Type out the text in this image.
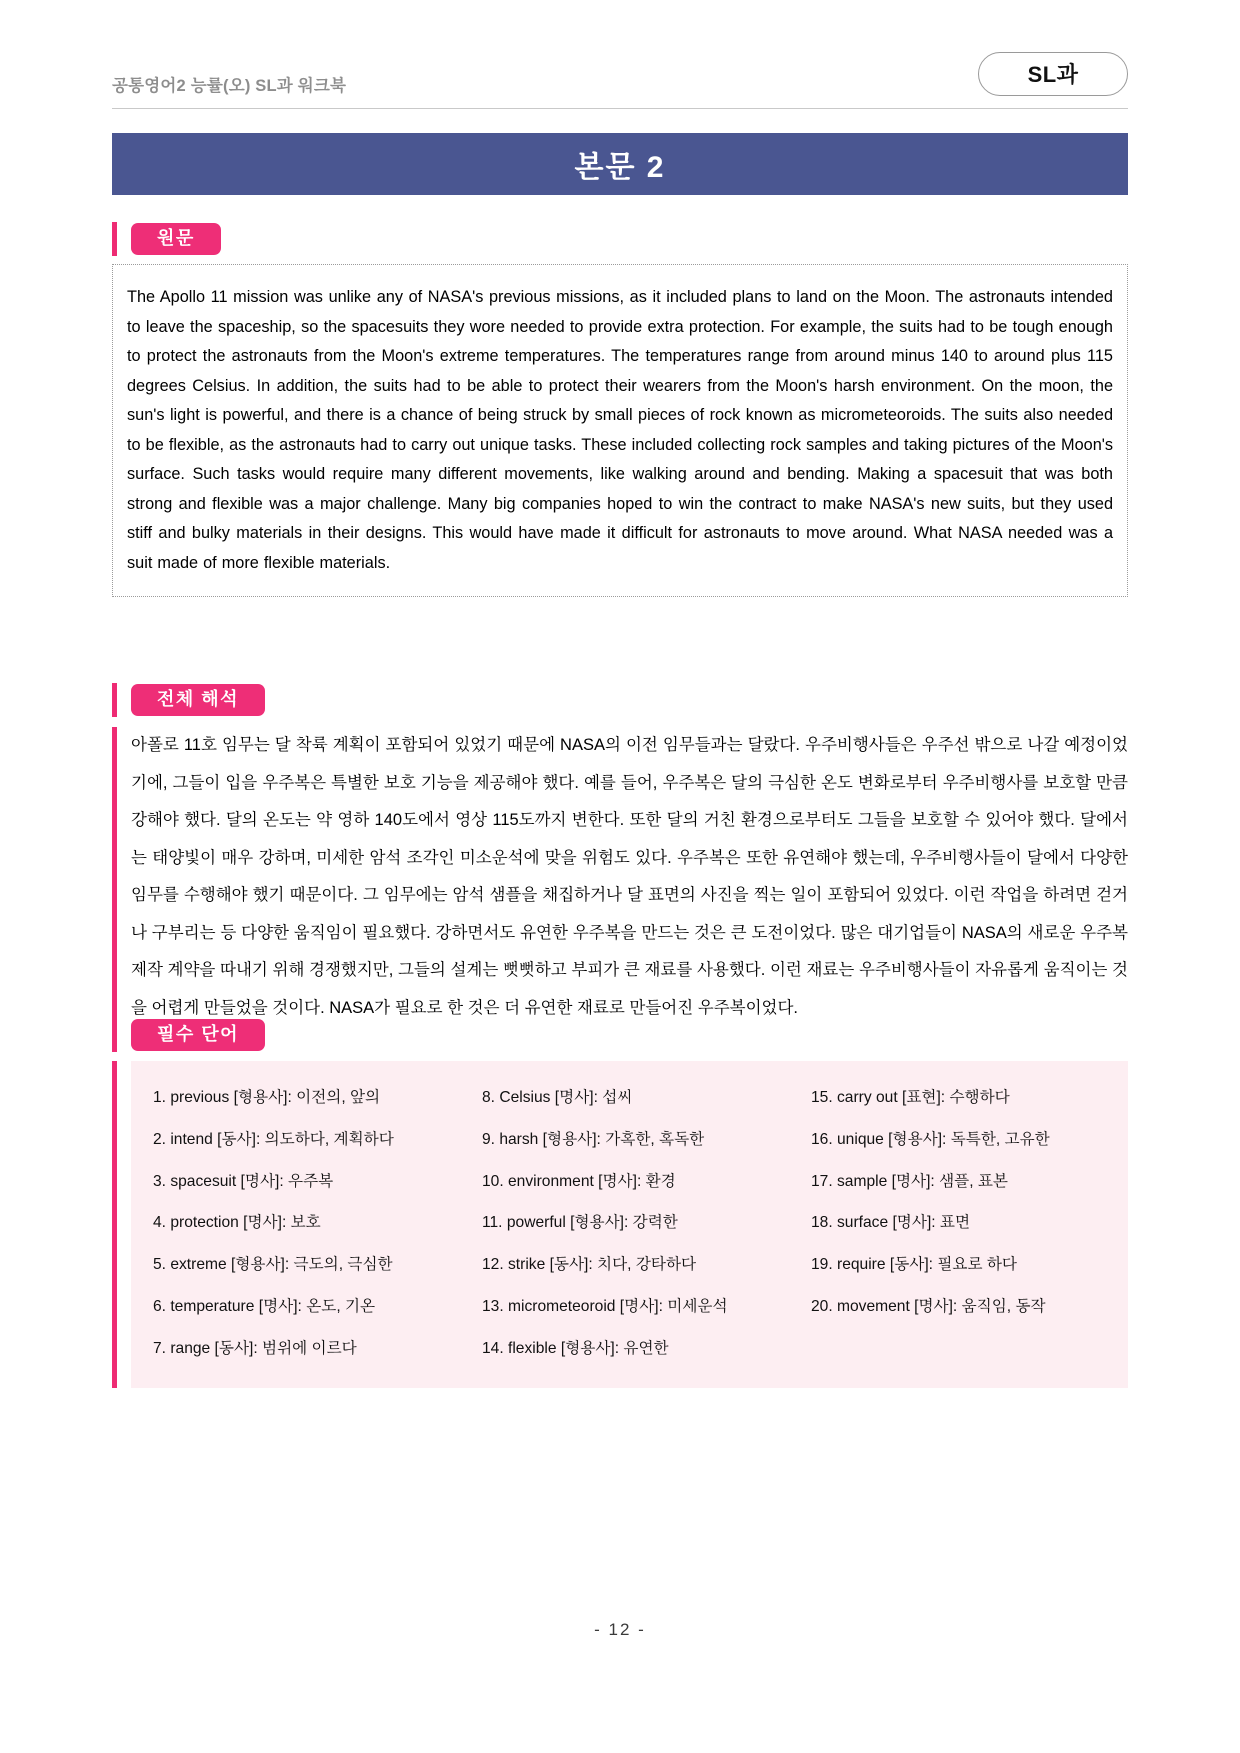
공통영어2 능률(오) SL과 워크북	SL과
본문 2
원문
The Apollo 11 mission was unlike any of NASA's previous missions, as it included plans to land on the Moon. The astronauts intended to leave the spaceship, so the spacesuits they wore needed to provide extra protection. For example, the suits had to be tough enough to protect the astronauts from the Moon's extreme temperatures. The temperatures range from around minus 140 to around plus 115 degrees Celsius. In addition, the suits had to be able to protect their wearers from the Moon's harsh environment. On the moon, the sun's light is powerful, and there is a chance of being struck by small pieces of rock known as micrometeoroids. The suits also needed to be flexible, as the astronauts had to carry out unique tasks. These included collecting rock samples and taking pictures of the Moon's surface. Such tasks would require many different movements, like walking around and bending. Making a spacesuit that was both strong and flexible was a major challenge. Many big companies hoped to win the contract to make NASA's new suits, but they used stiff and bulky materials in their designs. This would have made it difficult for astronauts to move around. What NASA needed was a suit made of more flexible materials.
전체 해석
아폴로 11호 임무는 달 착륙 계획이 포함되어 있었기 때문에 NASA의 이전 임무들과는 달랐다. 우주비행사들은 우주선 밖으로 나갈 예정이었기에, 그들이 입을 우주복은 특별한 보호 기능을 제공해야 했다. 예를 들어, 우주복은 달의 극심한 온도 변화로부터 우주비행사를 보호할 만큼 강해야 했다. 달의 온도는 약 영하 140도에서 영상 115도까지 변한다. 또한 달의 거친 환경으로부터도 그들을 보호할 수 있어야 했다. 달에서는 태양빛이 매우 강하며, 미세한 암석 조각인 미소운석에 맞을 위험도 있다. 우주복은 또한 유연해야 했는데, 우주비행사들이 달에서 다양한 임무를 수행해야 했기 때문이다. 그 임무에는 암석 샘플을 채집하거나 달 표면의 사진을 찍는 일이 포함되어 있었다. 이런 작업을 하려면 걷거나 구부리는 등 다양한 움직임이 필요했다. 강하면서도 유연한 우주복을 만드는 것은 큰 도전이었다. 많은 대기업들이 NASA의 새로운 우주복 제작 계약을 따내기 위해 경쟁했지만, 그들의 설계는 뻣뻣하고 부피가 큰 재료를 사용했다. 이런 재료는 우주비행사들이 자유롭게 움직이는 것을 어렵게 만들었을 것이다. NASA가 필요로 한 것은 더 유연한 재료로 만들어진 우주복이었다.
필수 단어
1. previous [형용사]: 이전의, 앞의
2. intend [동사]: 의도하다, 계획하다
3. spacesuit [명사]: 우주복
4. protection [명사]: 보호
5. extreme [형용사]: 극도의, 극심한
6. temperature [명사]: 온도, 기온
7. range [동사]: 범위에 이르다
8. Celsius [명사]: 섭씨
9. harsh [형용사]: 가혹한, 혹독한
10. environment [명사]: 환경
11. powerful [형용사]: 강력한
12. strike [동사]: 치다, 강타하다
13. micrometeoroid [명사]: 미세운석
14. flexible [형용사]: 유연한
15. carry out [표현]: 수행하다
16. unique [형용사]: 독특한, 고유한
17. sample [명사]: 샘플, 표본
18. surface [명사]: 표면
19. require [동사]: 필요로 하다
20. movement [명사]: 움직임, 동작
- 12 -
